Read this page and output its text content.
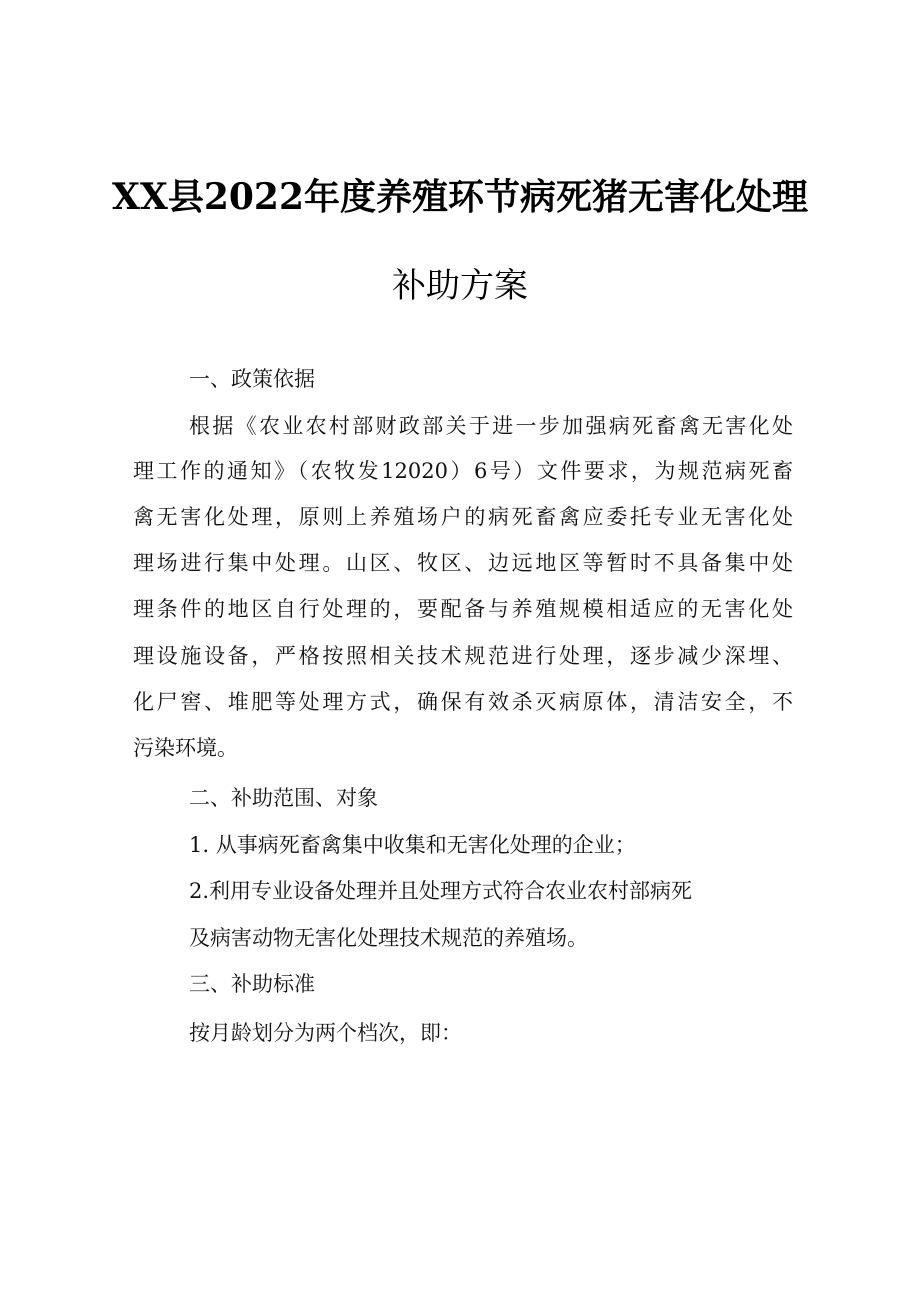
XX县2022年度养殖环节病死猪无害化处理
补助方案
一、政策依据
根据《农业农村部财政部关于进一步加强病死畜禽无害化处
理工作的通知》（农牧发12020）6号）文件要求，为规范病死畜
禽无害化处理，原则上养殖场户的病死畜禽应委托专业无害化处
理场进行集中处理。山区、牧区、边远地区等暂时不具备集中处
理条件的地区自行处理的，要配备与养殖规模相适应的无害化处
理设施设备，严格按照相关技术规范进行处理，逐步减少深埋、
化尸窖、堆肥等处理方式，确保有效杀灭病原体，清洁安全，不
污染环境。
二、补助范围、对象
1. 从事病死畜禽集中收集和无害化处理的企业；
2.利用专业设备处理并且处理方式符合农业农村部病死
及病害动物无害化处理技术规范的养殖场。
三、补助标准
按月龄划分为两个档次，即：
